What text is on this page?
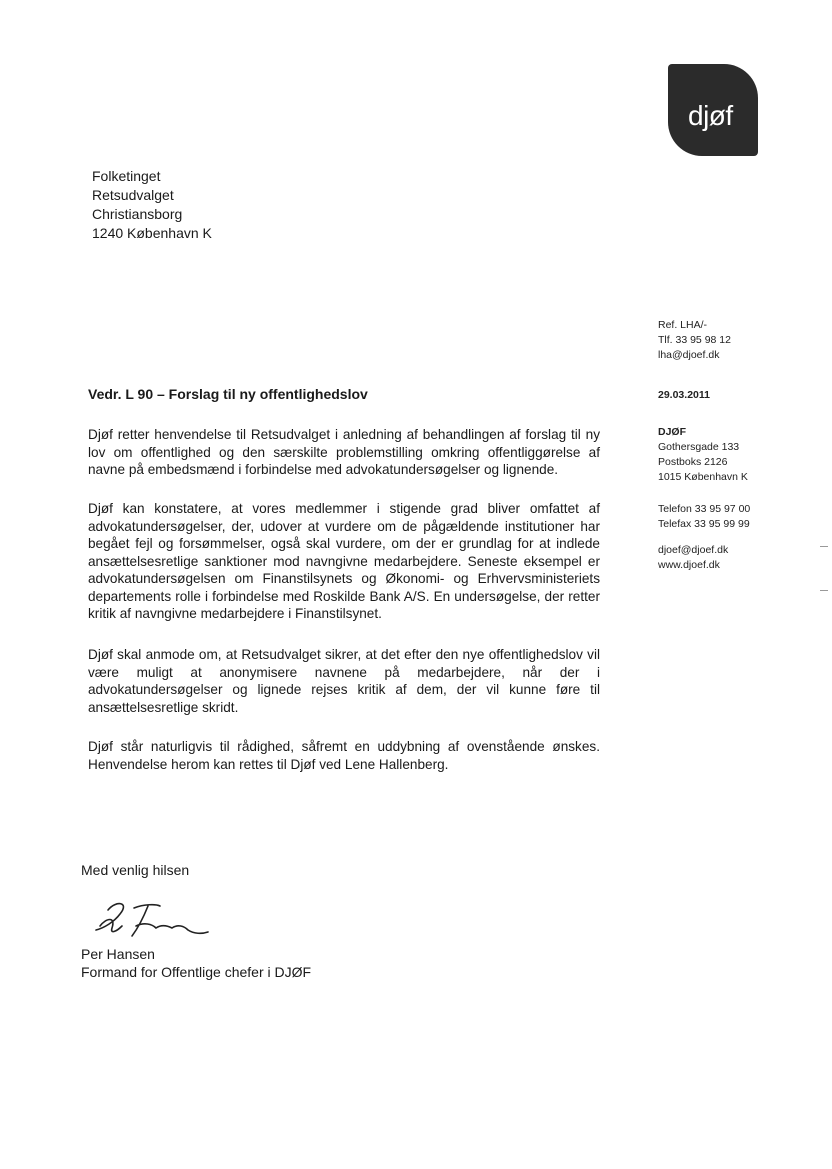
djøf
Folketinget
Retsudvalget
Christiansborg
1240 København K
Ref. LHA/-
Tlf. 33 95 98 12
lha@djoef.dk
29.03.2011
DJØF
Gothersgade 133
Postboks 2126
1015 København K
Telefon 33 95 97 00
Telefax 33 95 99 99
djoef@djoef.dk
www.djoef.dk
Vedr. L 90 – Forslag til ny offentlighedslov
Djøf retter henvendelse til Retsudvalget i anledning af behandlingen af forslag til ny lov om offentlighed og den særskilte problemstilling omkring offentliggørelse af navne på embedsmænd i forbindelse med advokatundersøgelser og lignende.
Djøf kan konstatere, at vores medlemmer i stigende grad bliver omfattet af advokatundersøgelser, der, udover at vurdere om de pågældende institutioner har begået fejl og forsømmelser, også skal vurdere, om der er grundlag for at indlede ansættelsesretlige sanktioner mod navngivne medarbejdere. Seneste eksempel er advokatundersøgelsen om Finanstilsynets og Økonomi- og Erhvervsministeriets departements rolle i forbindelse med Roskilde Bank A/S. En undersøgelse, der retter kritik af navngivne medarbejdere i Finanstilsynet.
Djøf skal anmode om, at Retsudvalget sikrer, at det efter den nye offentlighedslov vil være muligt at anonymisere navnene på medarbejdere, når der i advokatundersøgelser og lignede rejses kritik af dem, der vil kunne føre til ansættelsesretlige skridt.
Djøf står naturligvis til rådighed, såfremt en uddybning af ovenstående ønskes. Henvendelse herom kan rettes til Djøf ved Lene Hallenberg.
Med venlig hilsen
Per Hansen
Formand for Offentlige chefer i DJØF
